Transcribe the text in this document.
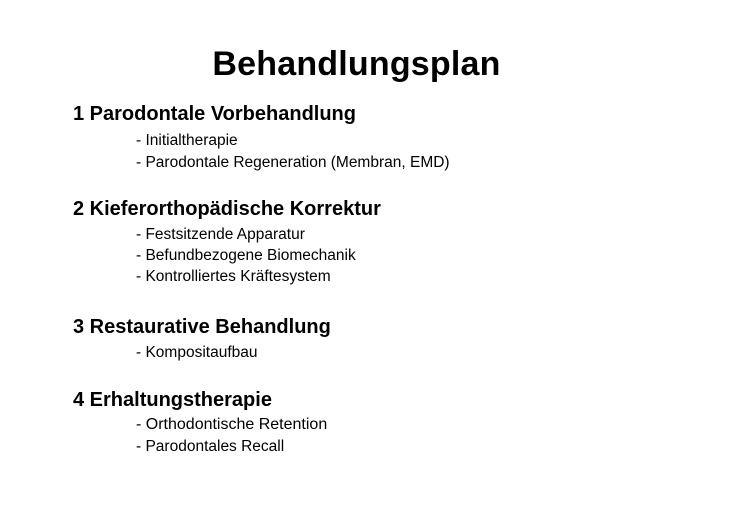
Behandlungsplan
1 Parodontale Vorbehandlung
- Initialtherapie
- Parodontale Regeneration (Membran, EMD)
2 Kieferorthopädische Korrektur
- Festsitzende Apparatur
- Befundbezogene Biomechanik
- Kontrolliertes Kräftesystem
3 Restaurative Behandlung
- Kompositaufbau
4 Erhaltungstherapie
- Orthodontische Retention
- Parodontales Recall
